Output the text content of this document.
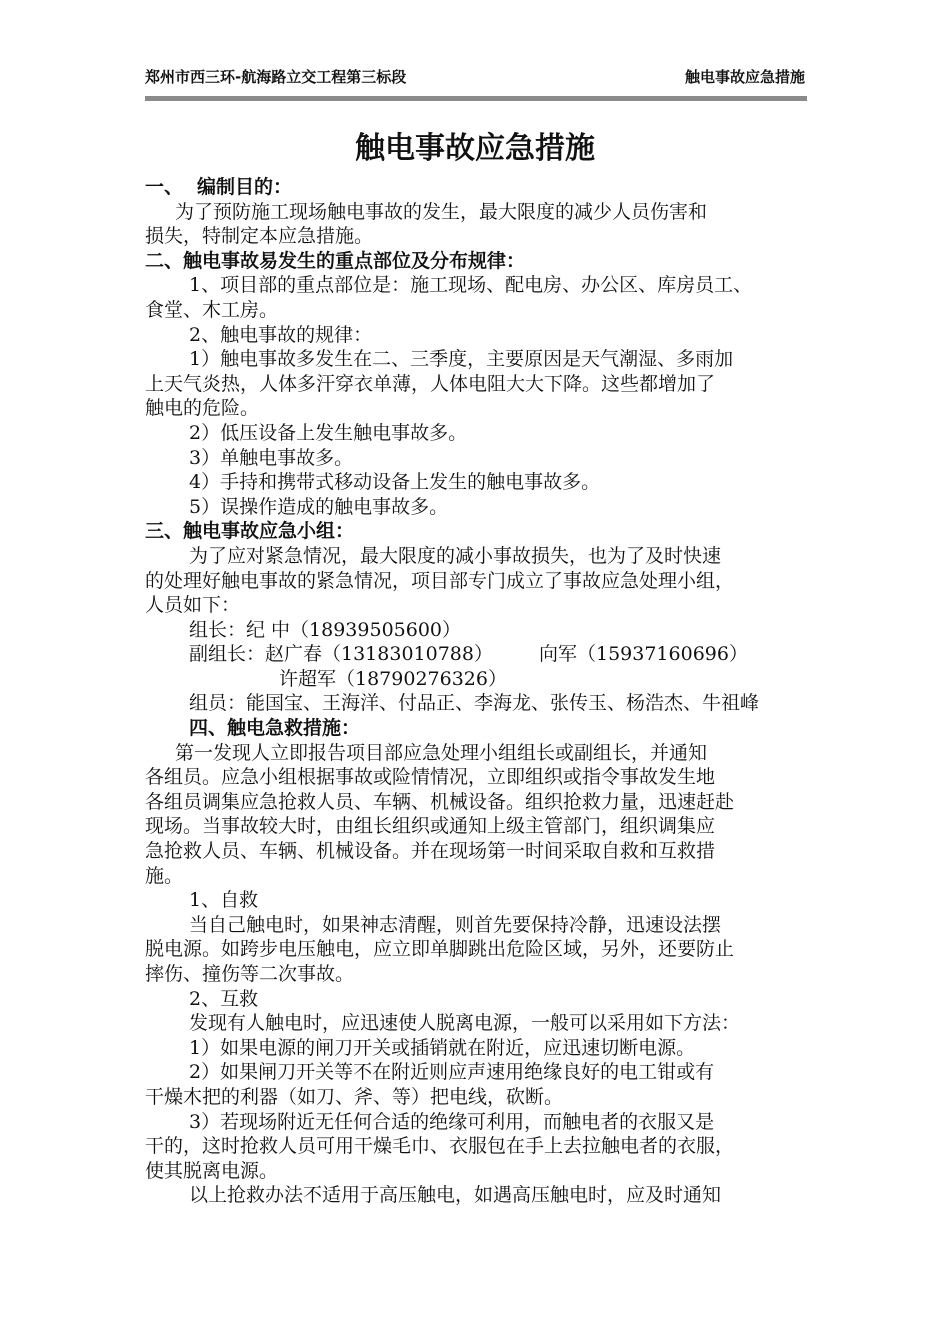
郑州市西三环-航海路立交工程第三标段	触电事故应急措施
触电事故应急措施
一、 编制目的：
为了预防施工现场触电事故的发生，最大限度的减少人员伤害和
损失，特制定本应急措施。
二、触电事故易发生的重点部位及分布规律：
1、项目部的重点部位是：施工现场、配电房、办公区、库房员工、
食堂、木工房。
2、触电事故的规律：
1）触电事故多发生在二、三季度，主要原因是天气潮湿、多雨加
上天气炎热，人体多汗穿衣单薄，人体电阻大大下降。这些都增加了
触电的危险。
2）低压设备上发生触电事故多。
3）单触电事故多。
4）手持和携带式移动设备上发生的触电事故多。
5）误操作造成的触电事故多。
三、触电事故应急小组：
为了应对紧急情况，最大限度的减小事故损失，也为了及时快速
的处理好触电事故的紧急情况，项目部专门成立了事故应急处理小组，
人员如下：
组长：纪 中（18939505600）
副组长：赵广春（13183010788） 向军（15937160696）
许超军（18790276326）
组员：能国宝、王海洋、付品正、李海龙、张传玉、杨浩杰、牛祖峰
四、触电急救措施：
第一发现人立即报告项目部应急处理小组组长或副组长，并通知
各组员。应急小组根据事故或险情情况，立即组织或指令事故发生地
各组员调集应急抢救人员、车辆、机械设备。组织抢救力量，迅速赶赴
现场。当事故较大时，由组长组织或通知上级主管部门，组织调集应
急抢救人员、车辆、机械设备。并在现场第一时间采取自救和互救措
施。
1、自救
当自己触电时，如果神志清醒，则首先要保持冷静，迅速设法摆
脱电源。如跨步电压触电，应立即单脚跳出危险区域，另外，还要防止
摔伤、撞伤等二次事故。
2、互救
发现有人触电时，应迅速使人脱离电源，一般可以采用如下方法：
1）如果电源的闸刀开关或插销就在附近，应迅速切断电源。
2）如果闸刀开关等不在附近则应声速用绝缘良好的电工钳或有
干燥木把的利器（如刀、斧、等）把电线，砍断。
3）若现场附近无任何合适的绝缘可利用，而触电者的衣服又是
干的，这时抢救人员可用干燥毛巾、衣服包在手上去拉触电者的衣服，
使其脱离电源。
以上抢救办法不适用于高压触电，如遇高压触电时，应及时通知
